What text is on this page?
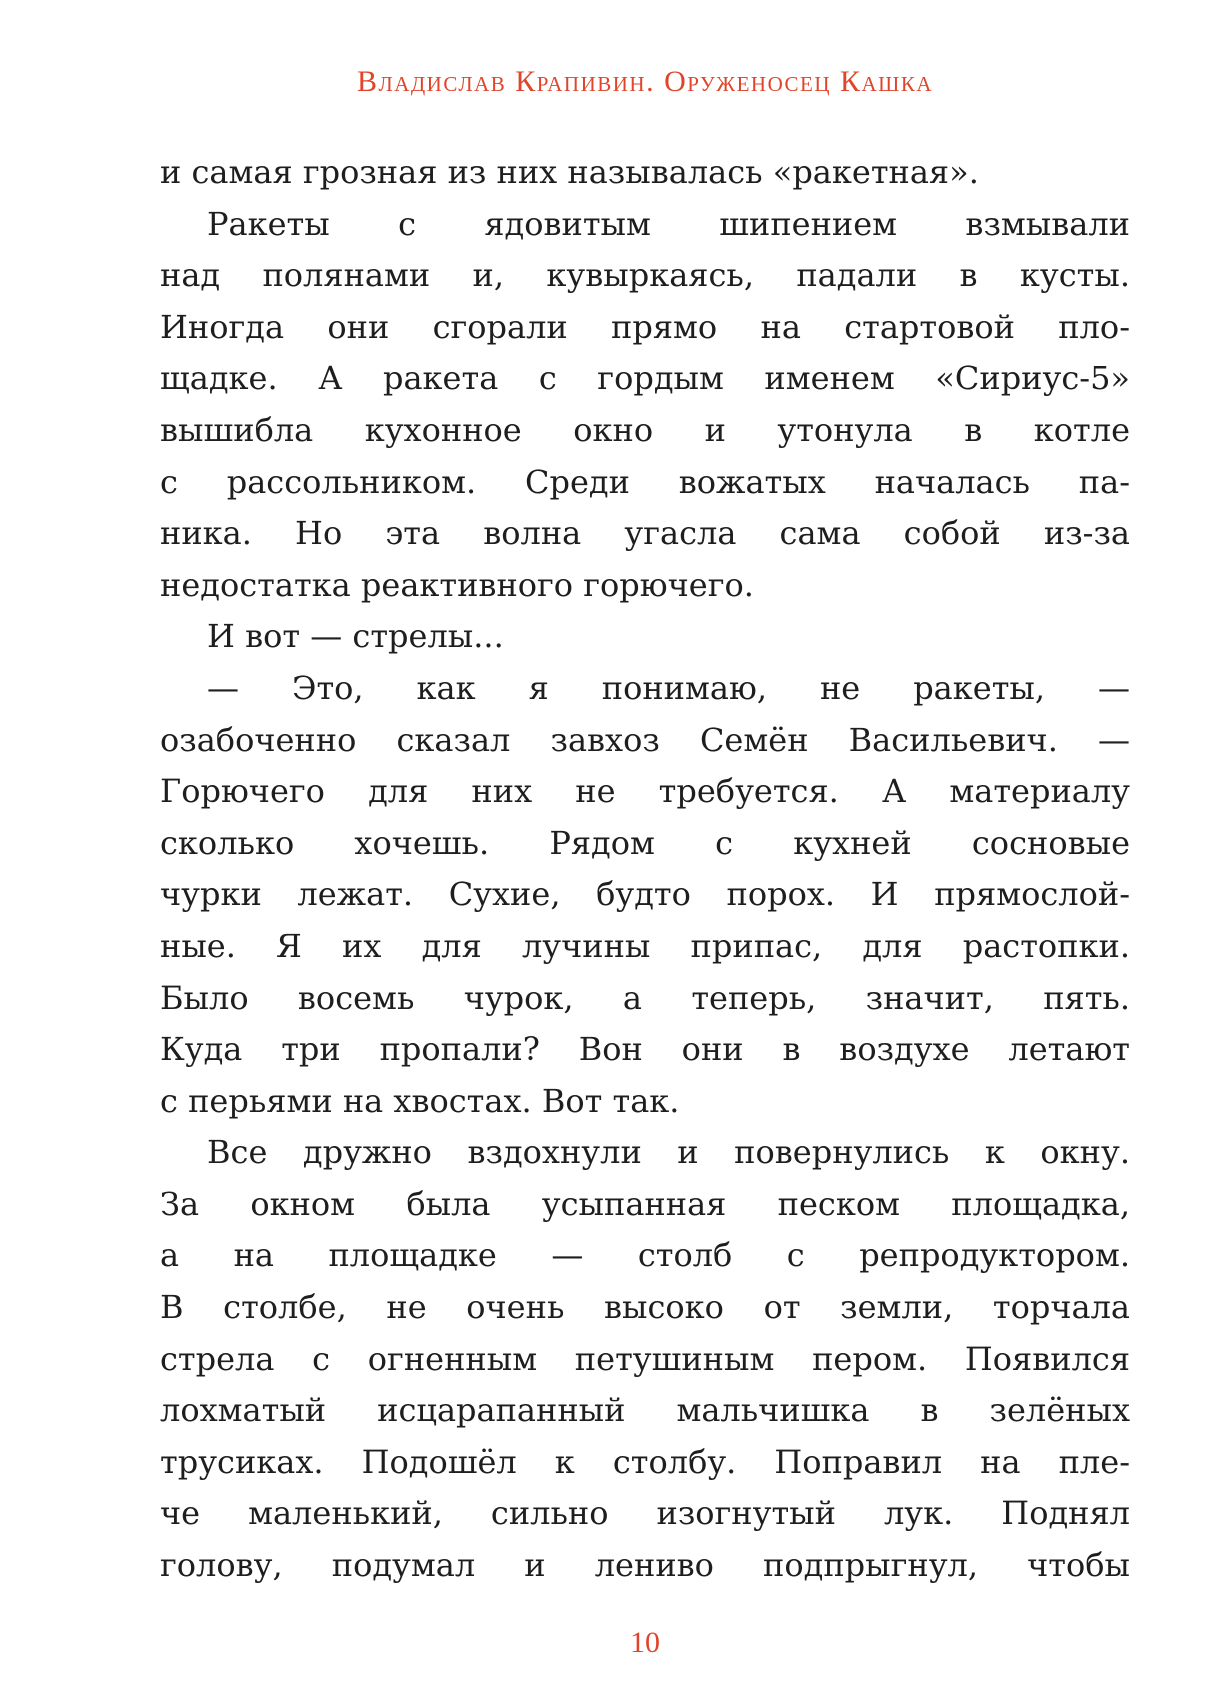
Владислав Крапивин. Оруженосец Кашка
и самая грозная из них называлась «ракетная».
Ракеты с ядовитым шипением взмывали
над полянами и, кувыркаясь, падали в кусты.
Иногда они сгорали прямо на стартовой пло-
щадке. А ракета с гордым именем «Сириус-5»
вышибла кухонное окно и утонула в котле
с рассольником. Среди вожатых началась па-
ника. Но эта волна угасла сама собой из-за
недостатка реактивного горючего.
И вот — стрелы...
— Это, как я понимаю, не ракеты, —
озабоченно сказал завхоз Семён Васильевич. —
Горючего для них не требуется. А материалу
сколько хочешь. Рядом с кухней сосновые
чурки лежат. Сухие, будто порох. И прямослой-
ные. Я их для лучины припас, для растопки.
Было восемь чурок, а теперь, значит, пять.
Куда три пропали? Вон они в воздухе летают
с перьями на хвостах. Вот так.
Все дружно вздохнули и повернулись к окну.
За окном была усыпанная песком площадка,
а на площадке — столб с репродуктором.
В столбе, не очень высоко от земли, торчала
стрела с огненным петушиным пером. Появился
лохматый исцарапанный мальчишка в зелёных
трусиках. Подошёл к столбу. Поправил на пле-
че маленький, сильно изогнутый лук. Поднял
голову, подумал и лениво подпрыгнул, чтобы
10
